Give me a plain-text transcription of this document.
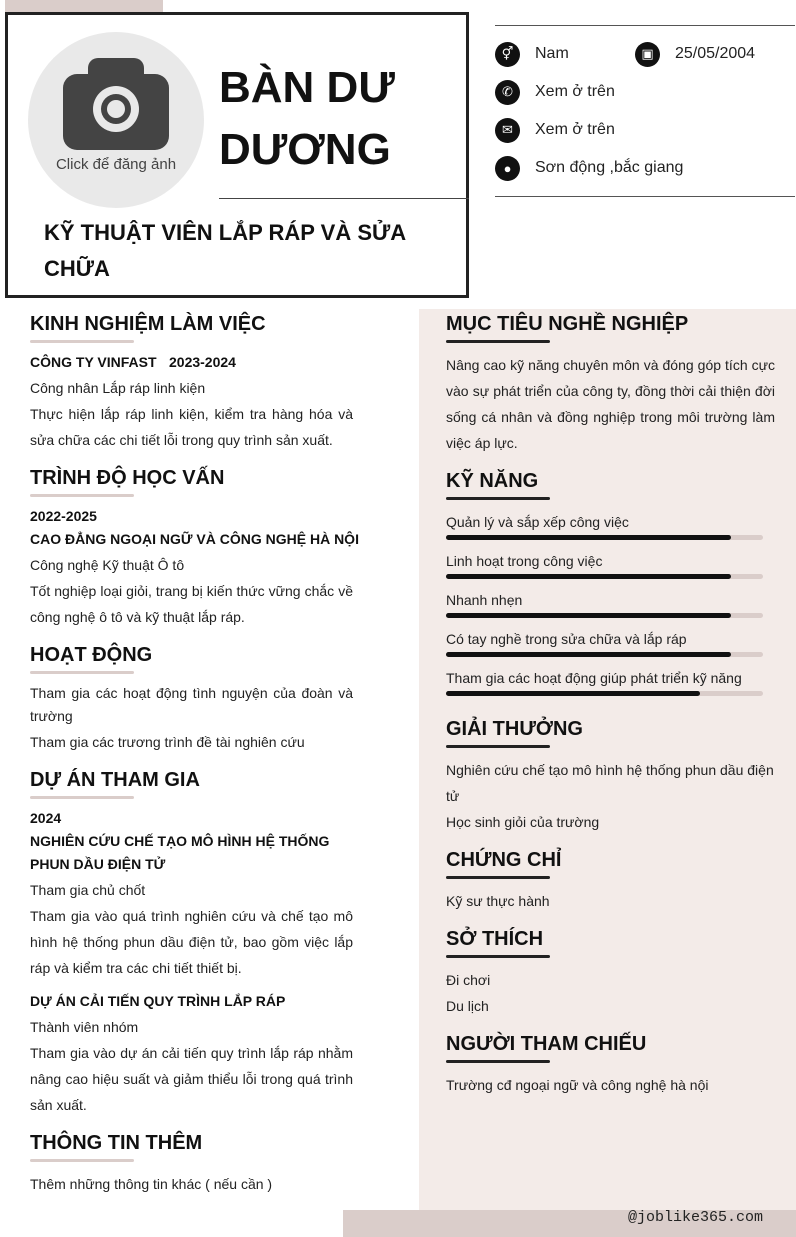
Click để đăng ảnh
BÀN DƯ DƯƠNG
KỸ THUẬT VIÊN LẮP RÁP VÀ SỬA CHỮA
⚥	Nam	▣	25/05/2004
✆	Xem ở trên
✉	Xem ở trên
●	Sơn động ,bắc giang
@joblike365.com
KINH NGHIỆM LÀM VIỆC
CÔNG TY VINFAST 2023-2024
Công nhân Lắp ráp linh kiện
Thực hiện lắp ráp linh kiện, kiểm tra hàng hóa và sửa chữa các chi tiết lỗi trong quy trình sản xuất.
TRÌNH ĐỘ HỌC VẤN
2022-2025
CAO ĐẲNG NGOẠI NGỮ VÀ CÔNG NGHỆ HÀ NỘI
Công nghệ Kỹ thuật Ô tô
Tốt nghiệp loại giỏi, trang bị kiến thức vững chắc về công nghệ ô tô và kỹ thuật lắp ráp.
HOẠT ĐỘNG
Tham gia các hoạt động tình nguyện của đoàn và trường
Tham gia các trương trình đề tài nghiên cứu
DỰ ÁN THAM GIA
2024
NGHIÊN CỨU CHẾ TẠO MÔ HÌNH HỆ THỐNG PHUN DẦU ĐIỆN TỬ
Tham gia chủ chốt
Tham gia vào quá trình nghiên cứu và chế tạo mô hình hệ thống phun dầu điện tử, bao gồm việc lắp ráp và kiểm tra các chi tiết thiết bị.
DỰ ÁN CẢI TIẾN QUY TRÌNH LẮP RÁP
Thành viên nhóm
Tham gia vào dự án cải tiến quy trình lắp ráp nhằm nâng cao hiệu suất và giảm thiểu lỗi trong quá trình sản xuất.
THÔNG TIN THÊM
Thêm những thông tin khác ( nếu cần )
MỤC TIÊU NGHỀ NGHIỆP
Nâng cao kỹ năng chuyên môn và đóng góp tích cực vào sự phát triển của công ty, đồng thời cải thiện đời sống cá nhân và đồng nghiệp trong môi trường làm việc áp lực.
KỸ NĂNG
Quản lý và sắp xếp công việc
Linh hoạt trong công việc
Nhanh nhẹn
Có tay nghề trong sửa chữa và lắp ráp
Tham gia các hoạt động giúp phát triển kỹ năng
GIẢI THƯỞNG
Nghiên cứu chế tạo mô hình hệ thống phun dầu điện tử
Học sinh giỏi của trường
CHỨNG CHỈ
Kỹ sư thực hành
SỞ THÍCH
Đi chơi
Du lịch
NGƯỜI THAM CHIẾU
Trường cđ ngoại ngữ và công nghệ hà nội
